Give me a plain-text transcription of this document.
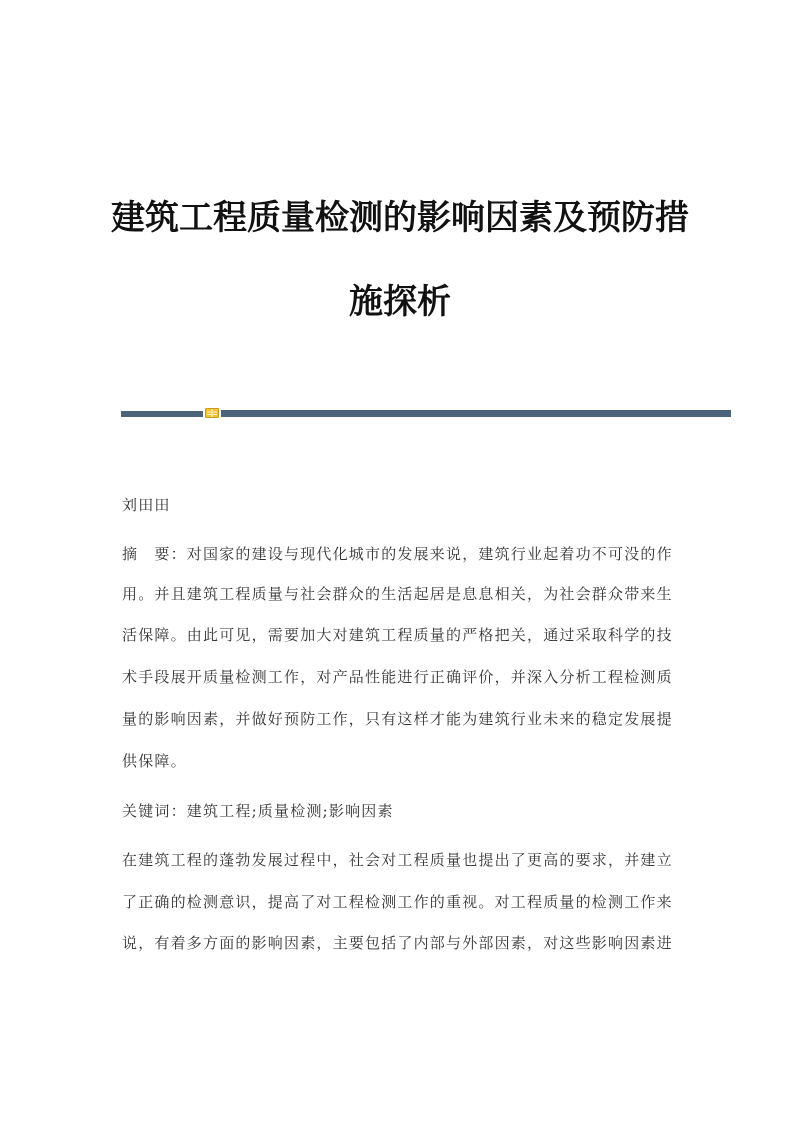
建筑工程质量检测的影响因素及预防措
施探析
刘田田
摘　要：对国家的建设与现代化城市的发展来说，建筑行业起着功不可没的作
用。并且建筑工程质量与社会群众的生活起居是息息相关，为社会群众带来生
活保障。由此可见，需要加大对建筑工程质量的严格把关，通过采取科学的技
术手段展开质量检测工作，对产品性能进行正确评价，并深入分析工程检测质
量的影响因素，并做好预防工作，只有这样才能为建筑行业未来的稳定发展提
供保障。
关键词：建筑工程;质量检测;影响因素
在建筑工程的蓬勃发展过程中，社会对工程质量也提出了更高的要求，并建立
了正确的检测意识，提高了对工程检测工作的重视。对工程质量的检测工作来
说，有着多方面的影响因素，主要包括了内部与外部因素，对这些影响因素进
